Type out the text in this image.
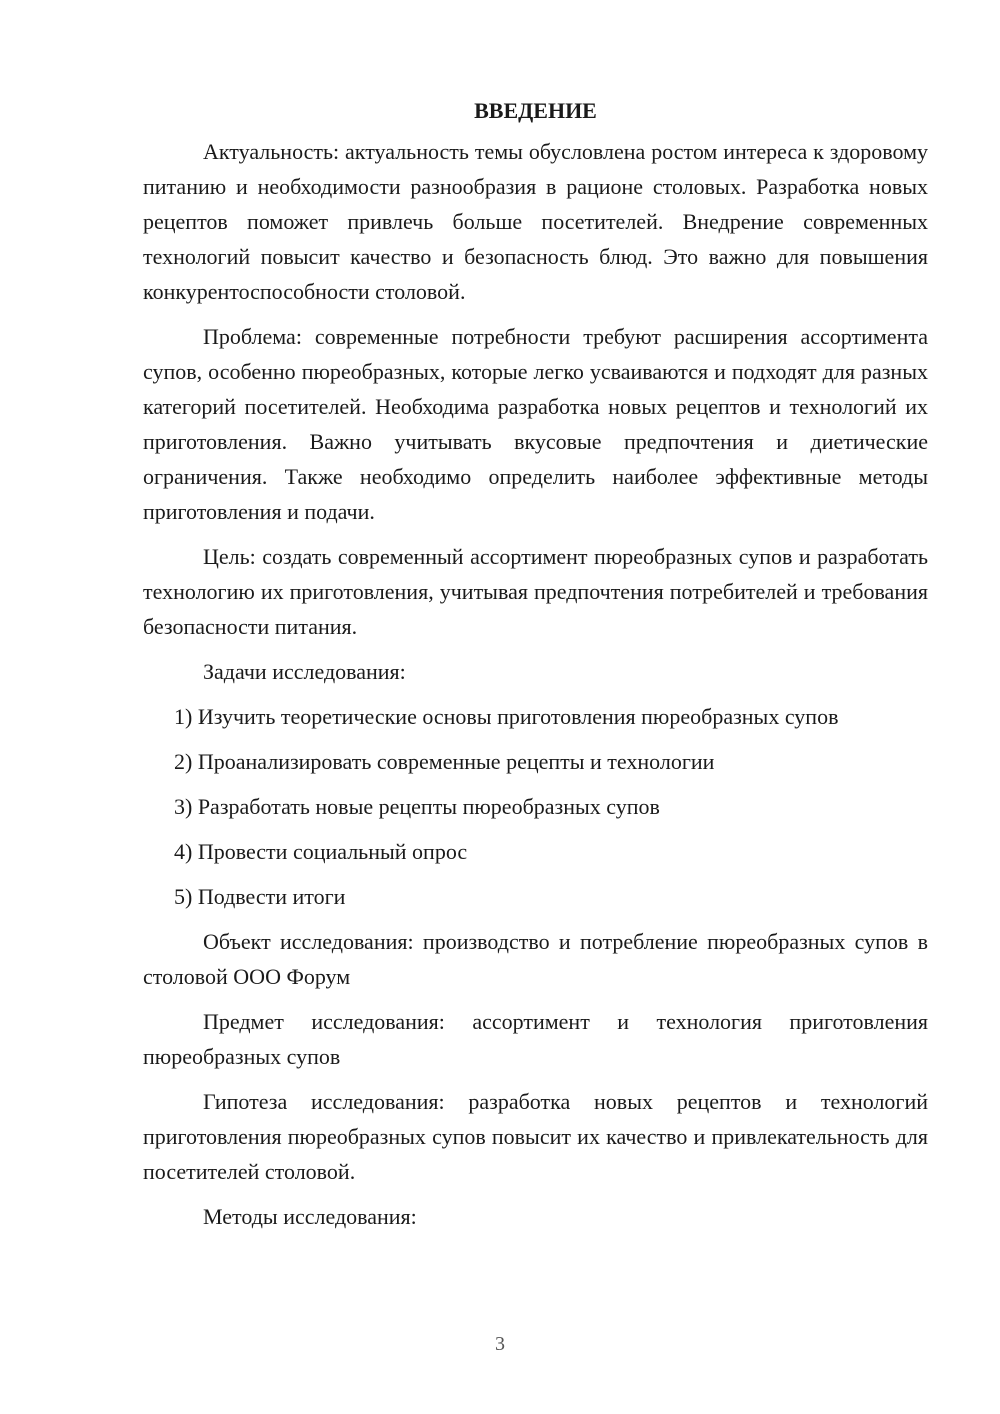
ВВЕДЕНИЕ

Актуальность: актуальность темы обусловлена ростом интереса к здоровому питанию и необходимости разнообразия в рационе столовых. Разработка новых рецептов поможет привлечь больше посетителей. Внедрение современных технологий повысит качество и безопасность блюд. Это важно для повышения конкурентоспособности столовой.

Проблема: современные потребности требуют расширения ассортимента супов, особенно пюреобразных, которые легко усваиваются и подходят для разных категорий посетителей. Необходима разработка новых рецептов и технологий их приготовления. Важно учитывать вкусовые предпочтения и диетические ограничения. Также необходимо определить наиболее эффективные методы приготовления и подачи.

Цель: создать современный ассортимент пюреобразных супов и разработать технологию их приготовления, учитывая предпочтения потребителей и требования безопасности питания.

Задачи исследования:

1) Изучить теоретические основы приготовления пюреобразных супов
2) Проанализировать современные рецепты и технологии
3) Разработать новые рецепты пюреобразных супов
4) Провести социальный опрос
5) Подвести итоги

Объект исследования: производство и потребление пюреобразных супов в столовой ООО Форум

Предмет исследования: ассортимент и технология приготовления пюреобразных супов

Гипотеза исследования: разработка новых рецептов и технологий приготовления пюреобразных супов повысит их качество и привлекательность для посетителей столовой.

Методы исследования:

3
